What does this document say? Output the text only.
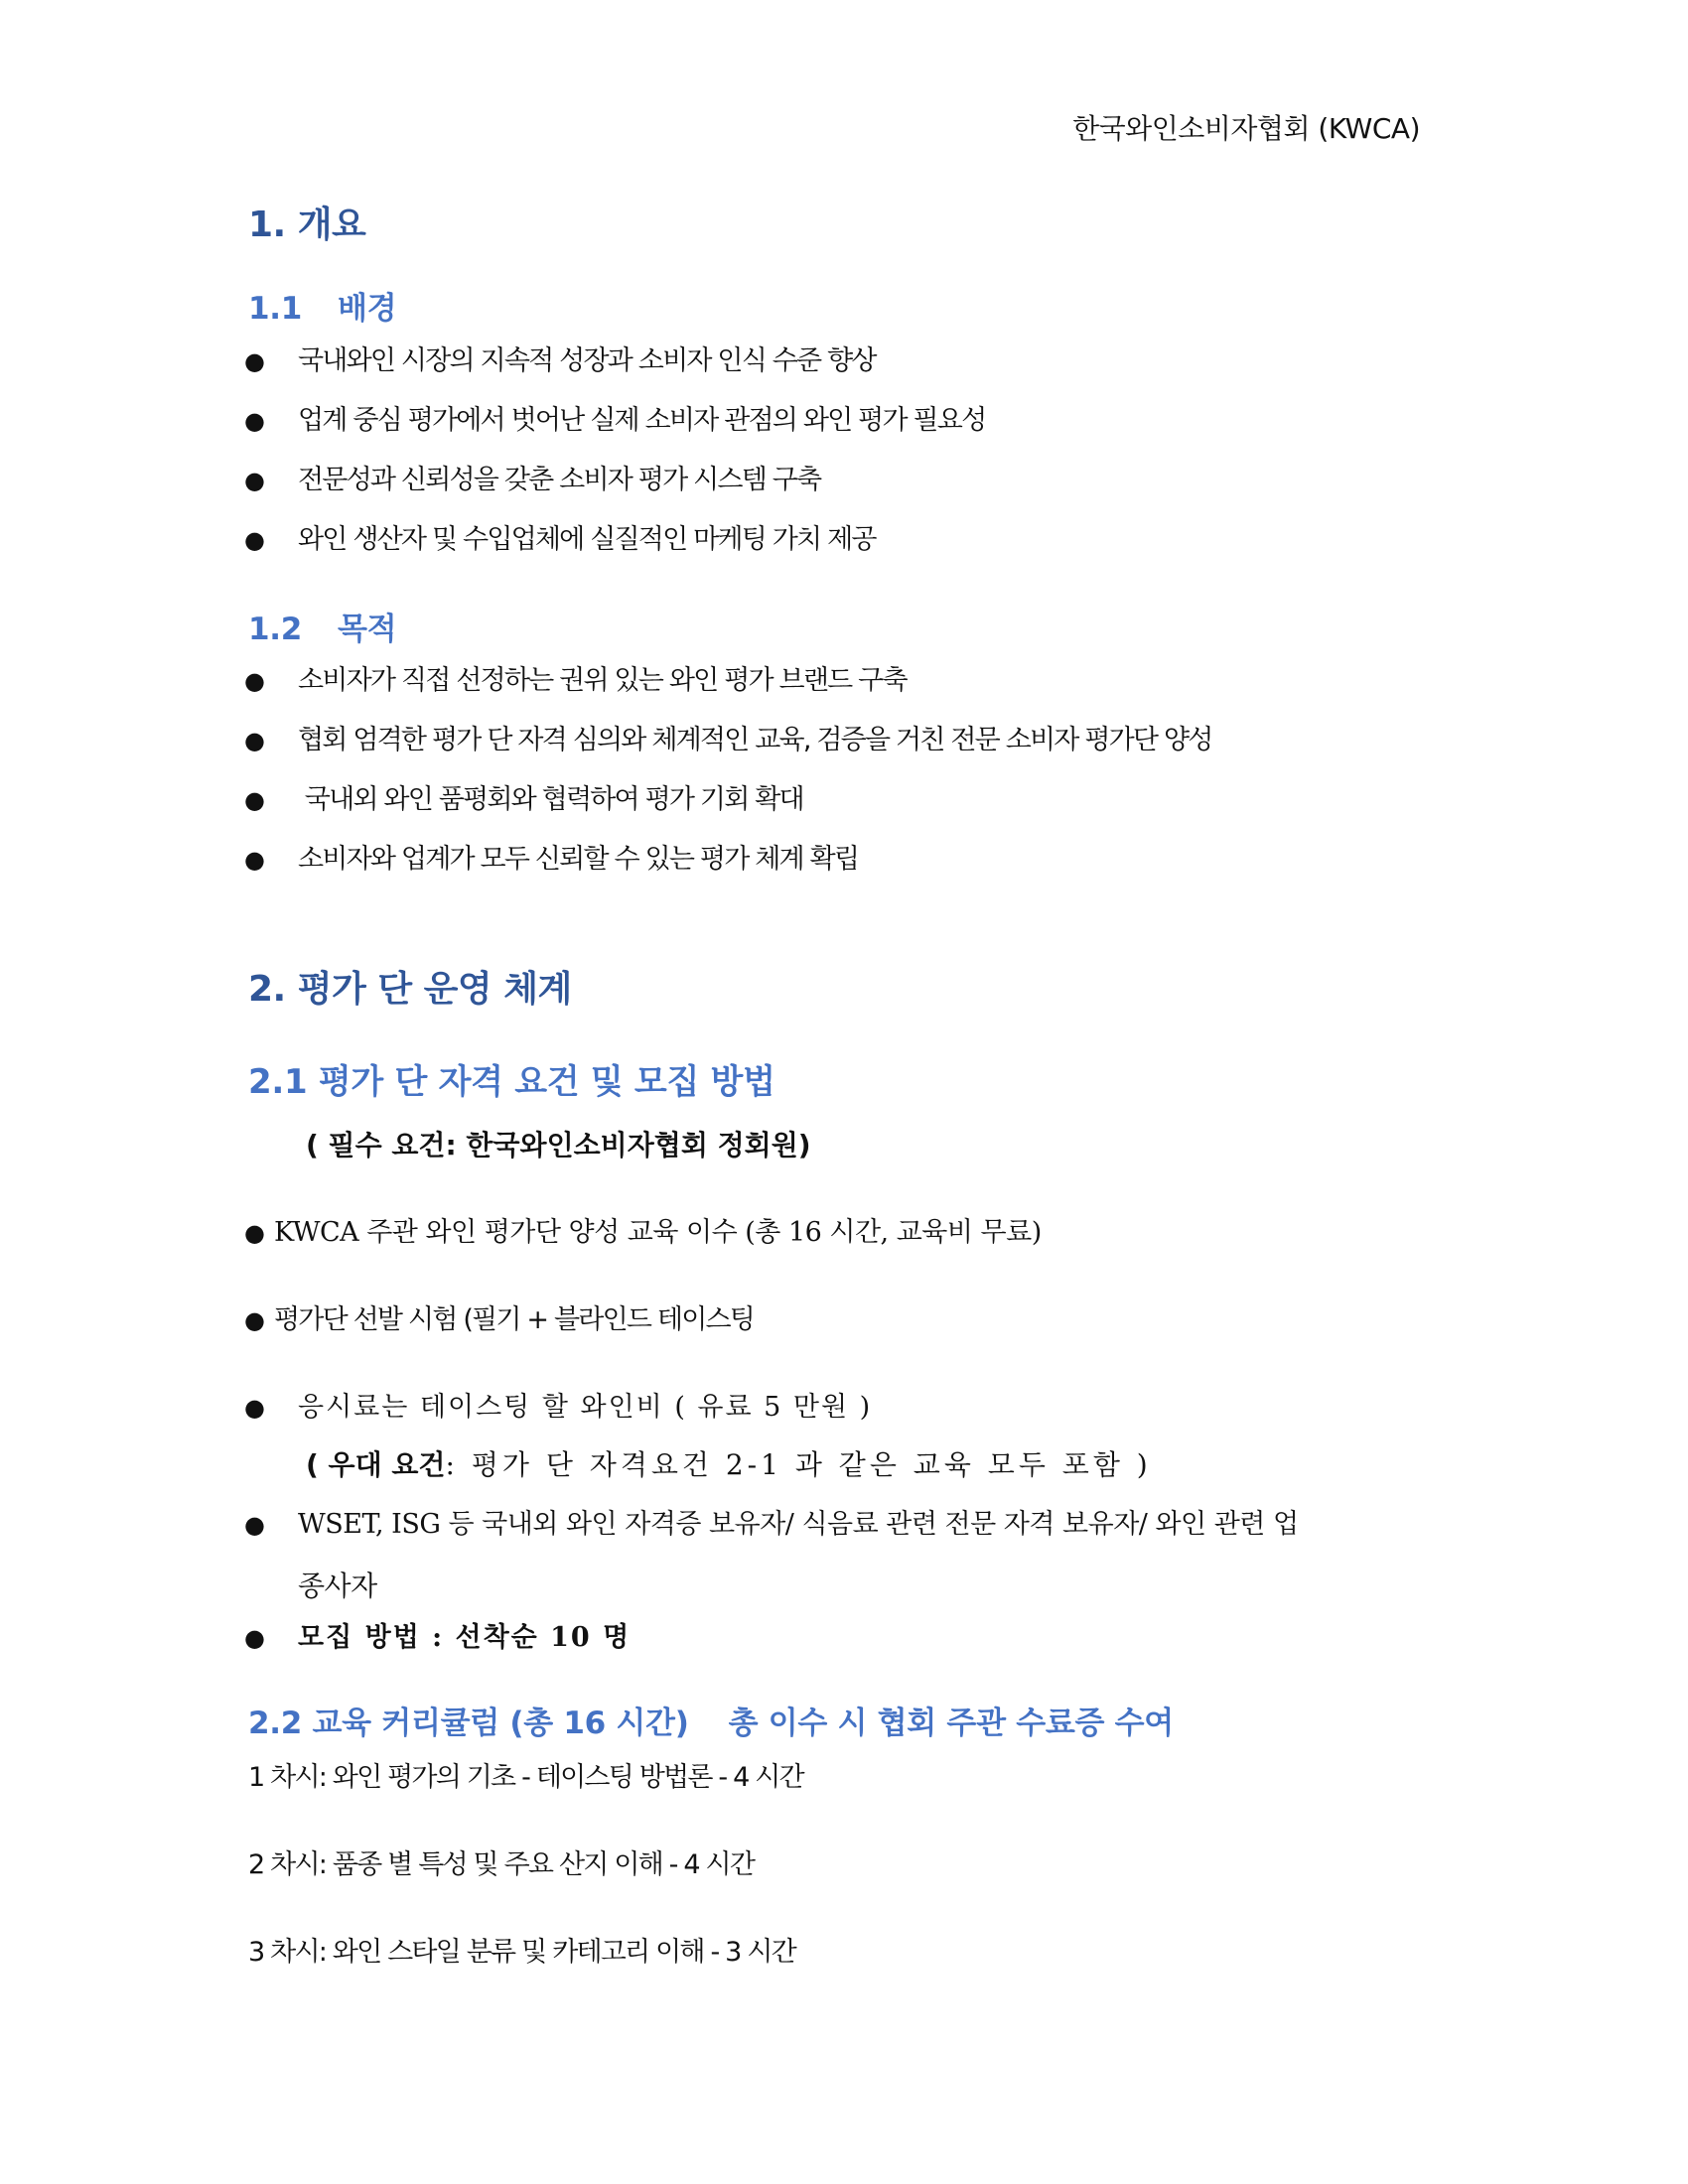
한국와인소비자협회 (KWCA)
1. 개요
1.1 배경
● 국내와인 시장의 지속적 성장과 소비자 인식 수준 향상
● 업계 중심 평가에서 벗어난 실제 소비자 관점의 와인 평가 필요성
● 전문성과 신뢰성을 갖춘 소비자 평가 시스템 구축
● 와인 생산자 및 수입업체에 실질적인 마케팅 가치 제공
1.2 목적
● 소비자가 직접 선정하는 권위 있는 와인 평가 브랜드 구축
● 협회 엄격한 평가 단 자격 심의와 체계적인 교육, 검증을 거친 전문 소비자 평가단 양성
● 국내외 와인 품평회와 협력하여 평가 기회 확대
● 소비자와 업계가 모두 신뢰할 수 있는 평가 체계 확립
2. 평가 단 운영 체계
2.1 평가 단 자격 요건 및 모집 방법
( 필수 요건: 한국와인소비자협회 정회원)
● KWCA 주관 와인 평가단 양성 교육 이수 (총 16 시간, 교육비 무료)
● 평가단 선발 시험 (필기 + 블라인드 테이스팅
● 응시료는 테이스팅 할 와인비 ( 유료 5 만원 )
( 우대 요건: 평가 단 자격요건 2-1 과 같은 교육 모두 포함 )
● WSET, ISG 등 국내외 와인 자격증 보유자/ 식음료 관련 전문 자격 보유자/ 와인 관련 업
종사자
● 모집 방법 : 선착순 10 명
2.2 교육 커리큘럼 (총 16 시간) 총 이수 시 협회 주관 수료증 수여
1 차시: 와인 평가의 기초 - 테이스팅 방법론 - 4 시간
2 차시: 품종 별 특성 및 주요 산지 이해 - 4 시간
3 차시: 와인 스타일 분류 및 카테고리 이해 - 3 시간
